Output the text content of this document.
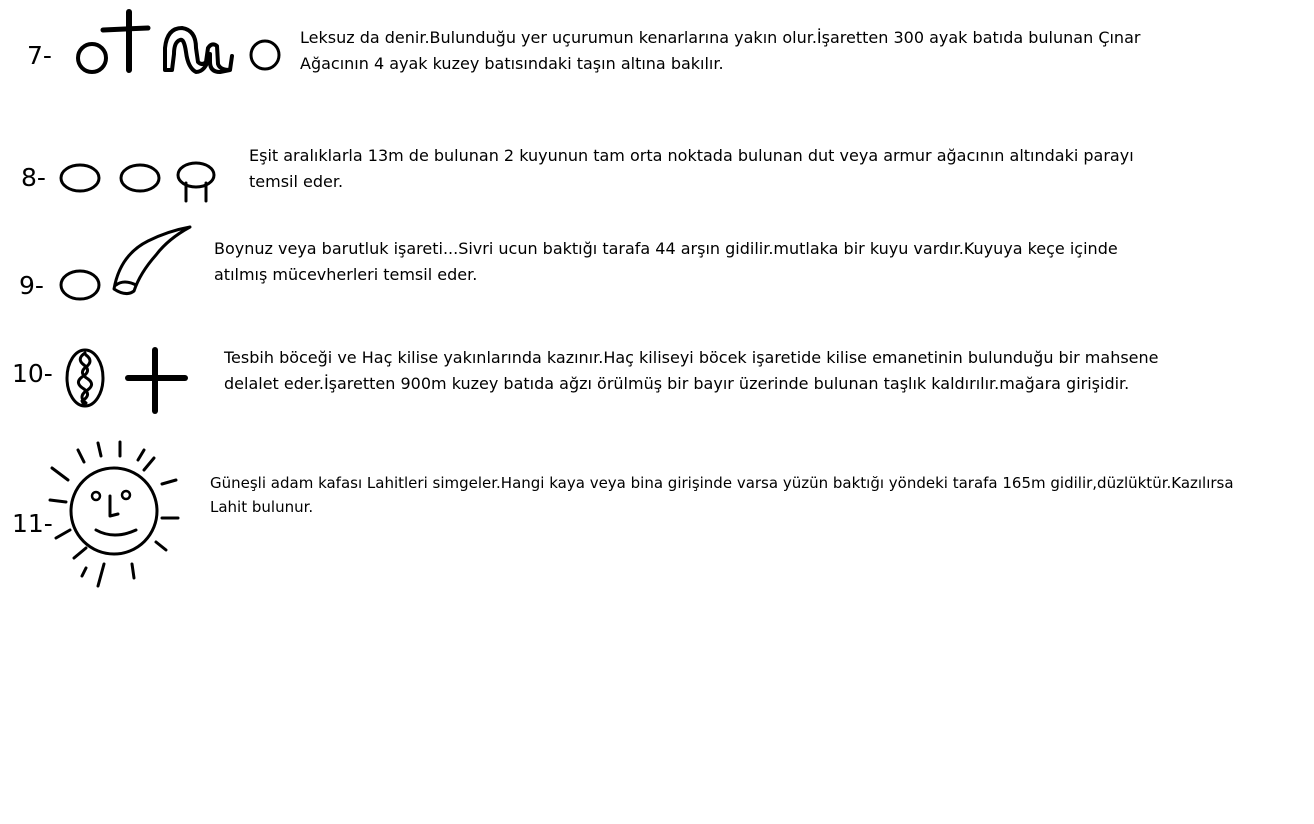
7-

Leksuz da denir.Bulunduğu yer uçurumun kenarlarına yakın olur.İşaretten 300 ayak batıda bulunan Çınar
Ağacının 4 ayak kuzey batısındaki taşın altına bakılır.

8-

Eşit aralıklarla 13m de bulunan 2 kuyunun tam orta noktada bulunan dut veya armur ağacının altındaki parayı
temsil eder.

9-

Boynuz veya barutluk işareti...Sivri ucun baktığı tarafa 44 arşın gidilir.mutlaka bir kuyu vardır.Kuyuya keçe içinde
atılmış mücevherleri temsil eder.

10-

Tesbih böceği ve Haç kilise yakınlarında kazınır.Haç kiliseyi böcek işaretide kilise emanetinin bulunduğu bir mahsene
delalet eder.İşaretten 900m kuzey batıda ağzı örülmüş bir bayır üzerinde bulunan taşlık kaldırılır.mağara girişidir.

11-

Güneşli adam kafası Lahitleri simgeler.Hangi kaya veya bina girişinde varsa yüzün baktığı yöndeki tarafa 165m gidilir,düzlüktür.Kazılırsa
Lahit bulunur.
